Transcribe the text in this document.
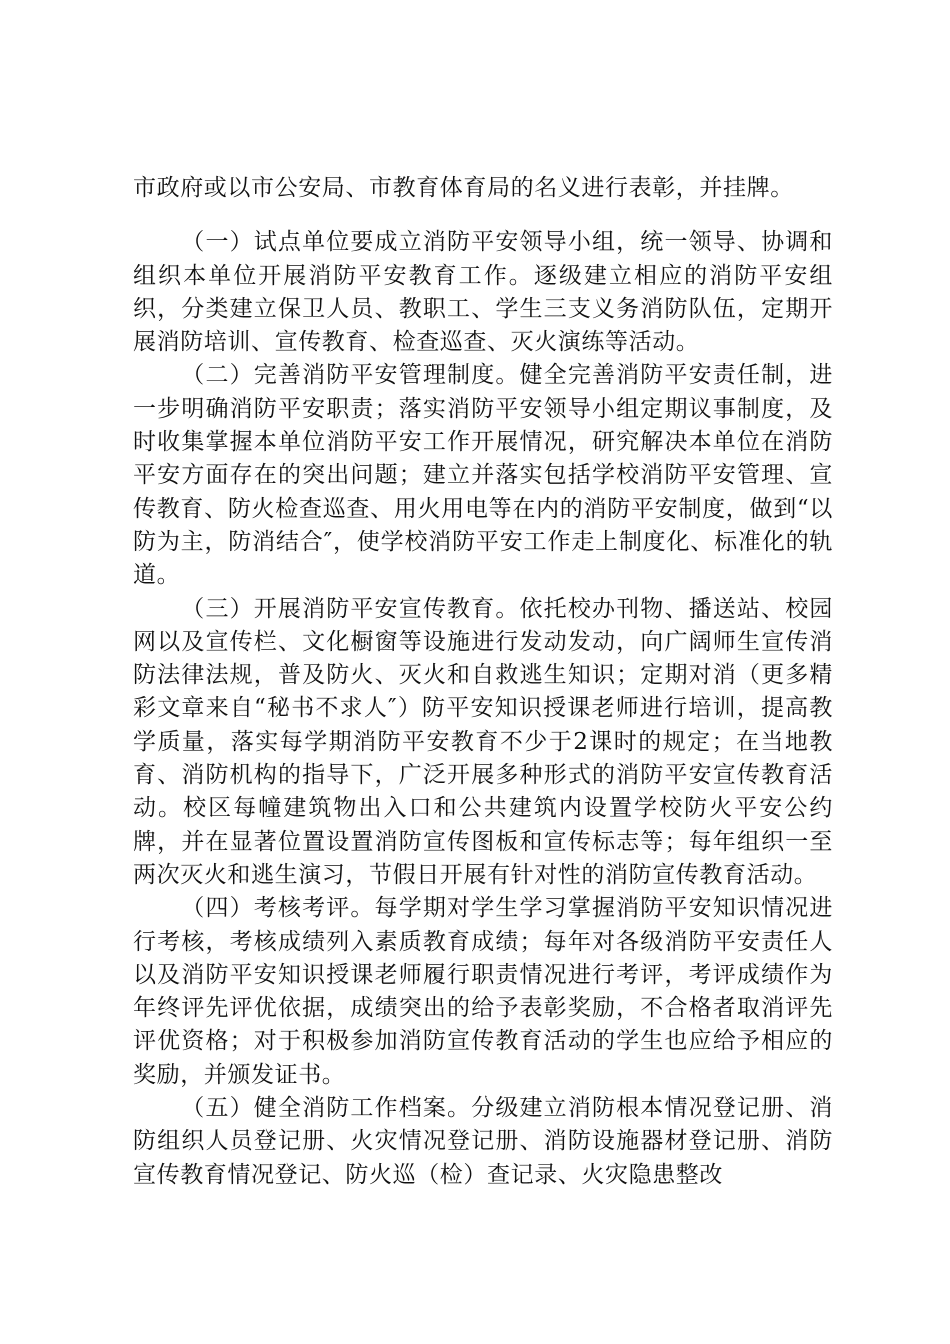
市政府或以市公安局、市教育体育局的名义进行表彰，并挂牌。

（一）试点单位要成立消防平安领导小组，统一领导、协调和组织本单位开展消防平安教育工作。逐级建立相应的消防平安组织，分类建立保卫人员、教职工、学生三支义务消防队伍，定期开展消防培训、宣传教育、检查巡查、灭火演练等活动。

（二）完善消防平安管理制度。健全完善消防平安责任制，进一步明确消防平安职责；落实消防平安领导小组定期议事制度，及时收集掌握本单位消防平安工作开展情况，研究解决本单位在消防平安方面存在的突出问题；建立并落实包括学校消防平安管理、宣传教育、防火检查巡查、用火用电等在内的消防平安制度，做到“以防为主，防消结合″，使学校消防平安工作走上制度化、标准化的轨道。

（三）开展消防平安宣传教育。依托校办刊物、播送站、校园网以及宣传栏、文化橱窗等设施进行发动发动，向广阔师生宣传消防法律法规，普及防火、灭火和自救逃生知识；定期对消（更多精彩文章来自“秘书不求人″）防平安知识授课老师进行培训，提高教学质量，落实每学期消防平安教育不少于2课时的规定；在当地教育、消防机构的指导下，广泛开展多种形式的消防平安宣传教育活动。校区每幢建筑物出入口和公共建筑内设置学校防火平安公约牌，并在显著位置设置消防宣传图板和宣传标志等；每年组织一至两次灭火和逃生演习，节假日开展有针对性的消防宣传教育活动。

（四）考核考评。每学期对学生学习掌握消防平安知识情况进行考核，考核成绩列入素质教育成绩；每年对各级消防平安责任人以及消防平安知识授课老师履行职责情况进行考评，考评成绩作为年终评先评优依据，成绩突出的给予表彰奖励，不合格者取消评先评优资格；对于积极参加消防宣传教育活动的学生也应给予相应的奖励，并颁发证书。

（五）健全消防工作档案。分级建立消防根本情况登记册、消防组织人员登记册、火灾情况登记册、消防设施器材登记册、消防宣传教育情况登记、防火巡（检）查记录、火灾隐患整改
